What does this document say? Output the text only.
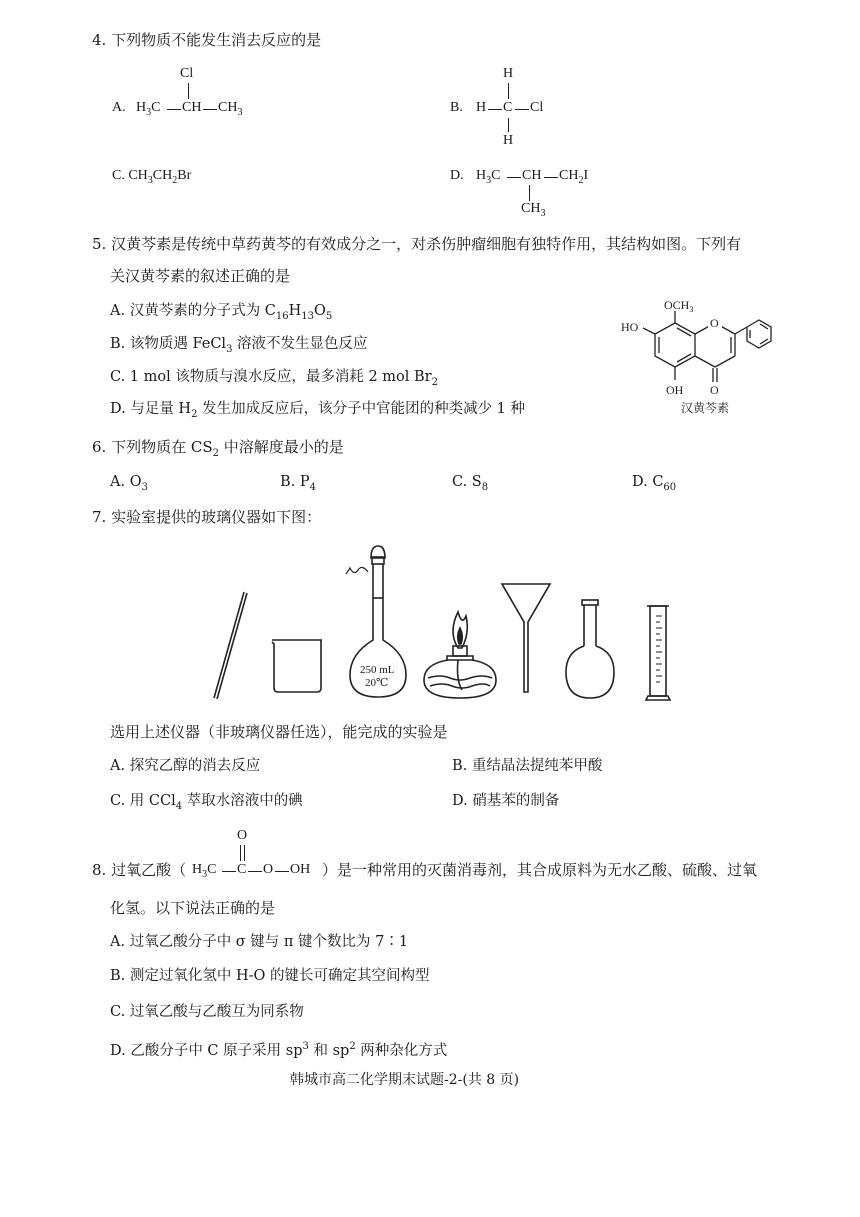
4. 下列物质不能发生消去反应的是
A. $H_3C$ CH $CH_3$
Cl
B.
H
H C Cl
H
C. $CH_3CH_2Br$	D. $H_3C$ CH $CH_2I$
$CH_3$
5. 汉黄芩素是传统中草药黄芩的有效成分之一，对杀伤肿瘤细胞有独特作用，其结构如图。下列有
关汉黄芩素的叙述正确的是
A. 汉黄芩素的分子式为 $C_{16}H_{13}O_5$
B. 该物质遇 FeCl$_3$ 溶液不发生显色反应
C. 1 mol 该物质与溴水反应，最多消耗 2 mol $Br_2$
D. 与足量 $H_2$ 发生加成反应后，该分子中官能团的种类减少 1 种
O
$OCH_3$
HO
OH O
汉黄芩素
6. 下列物质在 $CS_2$ 中溶解度最小的是
A. $O_3$	B. $P_4$	C. $S_8$	D. $C_{60}$
7. 实验室提供的玻璃仪器如下图：
250 mL
20℃
选用上述仪器（非玻璃仪器任选），能完成的实验是
A. 探究乙醇的消去反应	B. 重结晶法提纯苯甲酸
C. 用 CCl$_4$ 萃取水溶液中的碘	D. 硝基苯的制备
8. 过氧乙酸（ $H_3C$ C O OH
O
）是一种常用的灭菌消毒剂，其合成原料为无水乙酸、硫酸、过氧
化氢。以下说法正确的是
A. 过氧乙酸分子中 σ 键与 π 键个数比为 7∶1
B. 测定过氧化氢中 H-O 的键长可确定其空间构型
C. 过氧乙酸与乙酸互为同系物
D. 乙酸分子中 C 原子采用 $sp^3$ 和 $sp^2$ 两种杂化方式
韩城市高二化学期末试题-2-(共 8 页)
